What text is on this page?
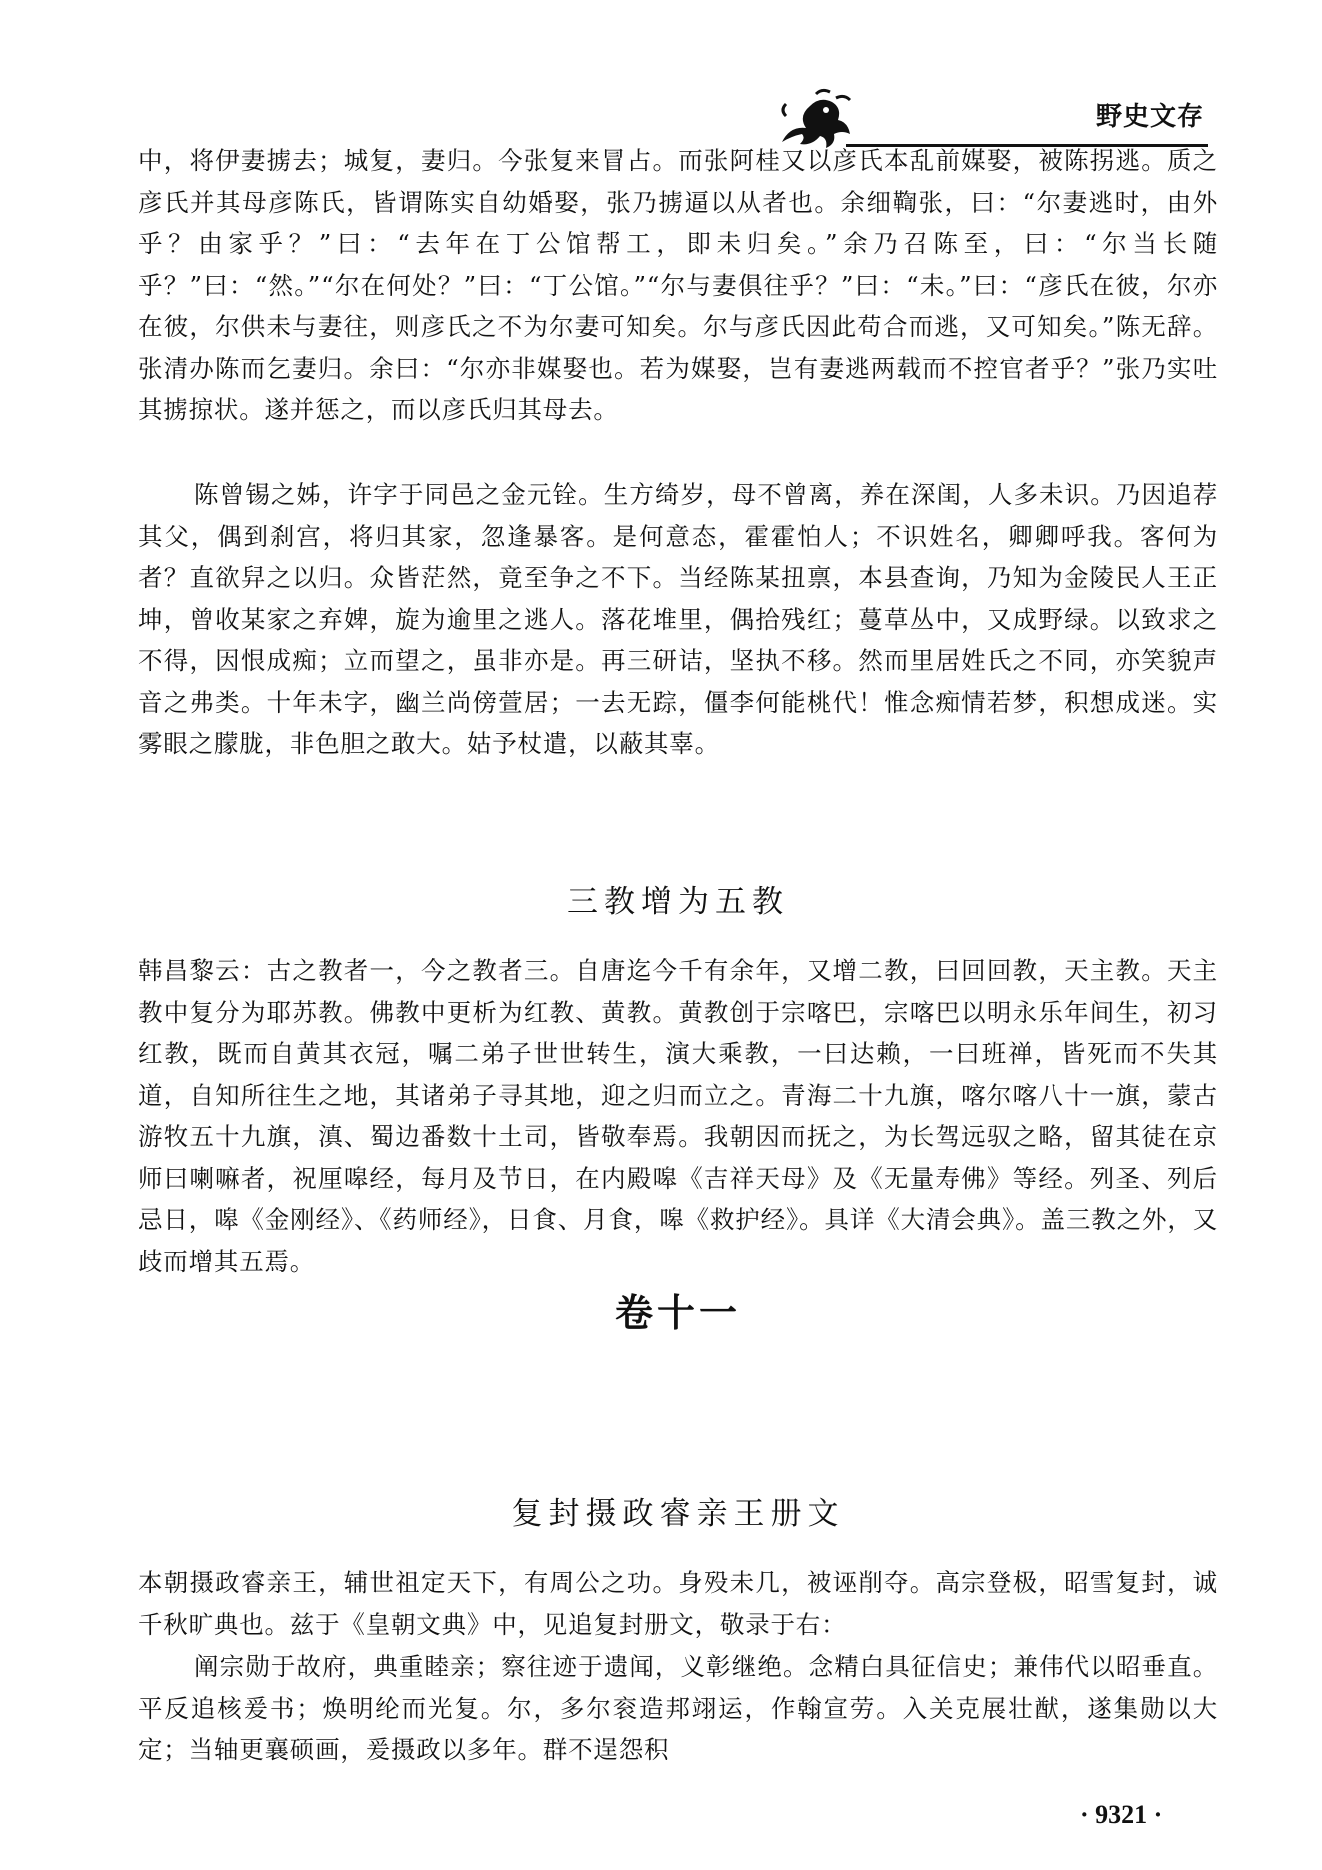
野史文存

中，将伊妻掳去；城复，妻归。今张复来冒占。而张阿桂又以彦氏本乱前媒娶，被陈拐逃。质之彦氏并其母彦陈氏，皆谓陈实自幼婚娶，张乃掳逼以从者也。余细鞫张，曰：“尔妻逃时，由外乎？由家乎？”曰：“去年在丁公馆帮工，即未归矣。”余乃召陈至，曰：“尔当长随乎？”曰：“然。”“尔在何处？”曰：“丁公馆。”“尔与妻俱往乎？”曰：“未。”曰：“彦氏在彼，尔亦在彼，尔供未与妻往，则彦氏之不为尔妻可知矣。尔与彦氏因此苟合而逃，又可知矣。”陈无辞。张清办陈而乞妻归。余曰：“尔亦非媒娶也。若为媒娶，岂有妻逃两载而不控官者乎？”张乃实吐其掳掠状。遂并惩之，而以彦氏归其母去。

陈曾锡之姊，许字于同邑之金元铨。生方绮岁，母不曾离，养在深闺，人多未识。乃因追荐其父，偶到刹宫，将归其家，忽逢暴客。是何意态，霍霍怕人；不识姓名，卿卿呼我。客何为者？直欲舁之以归。众皆茫然，竟至争之不下。当经陈某扭禀，本县查询，乃知为金陵民人王正坤，曾收某家之弃婢，旋为逾里之逃人。落花堆里，偶拾残红；蔓草丛中，又成野绿。以致求之不得，因恨成痴；立而望之，虽非亦是。再三研诘，坚执不移。然而里居姓氏之不同，亦笑貌声音之弗类。十年未字，幽兰尚傍萱居；一去无踪，僵李何能桃代！惟念痴情若梦，积想成迷。实雾眼之朦胧，非色胆之敢大。姑予杖遣，以蔽其辜。

三教增为五教

韩昌黎云：古之教者一，今之教者三。自唐迄今千有余年，又增二教，曰回回教，天主教。天主教中复分为耶苏教。佛教中更析为红教、黄教。黄教创于宗喀巴，宗喀巴以明永乐年间生，初习红教，既而自黄其衣冠，嘱二弟子世世转生，演大乘教，一曰达赖，一曰班禅，皆死而不失其道，自知所往生之地，其诸弟子寻其地，迎之归而立之。青海二十九旗，喀尔喀八十一旗，蒙古游牧五十九旗，滇、蜀边番数十土司，皆敬奉焉。我朝因而抚之，为长驾远驭之略，留其徒在京师曰喇嘛者，祝厘嗥经，每月及节日，在内殿嗥《吉祥天母》及《无量寿佛》等经。列圣、列后忌日，嗥《金刚经》、《药师经》，日食、月食，嗥《救护经》。具详《大清会典》。盖三教之外，又歧而增其五焉。

卷十一
复封摄政睿亲王册文

本朝摄政睿亲王，辅世祖定天下，有周公之功。身殁未几，被诬削夺。高宗登极，昭雪复封，诚千秋旷典也。兹于《皇朝文典》中，见追复封册文，敬录于右：

阐宗勋于故府，典重睦亲；察往迹于遗闻，义彰继绝。念精白具征信史；兼伟代以昭垂直。平反追核爰书；焕明纶而光复。尔，多尔衮造邦翊运，作翰宣劳。入关克展壮猷，遂集勋以大定；当轴更襄硕画，爰摄政以多年。群不逞怨积

· 9321 ·
